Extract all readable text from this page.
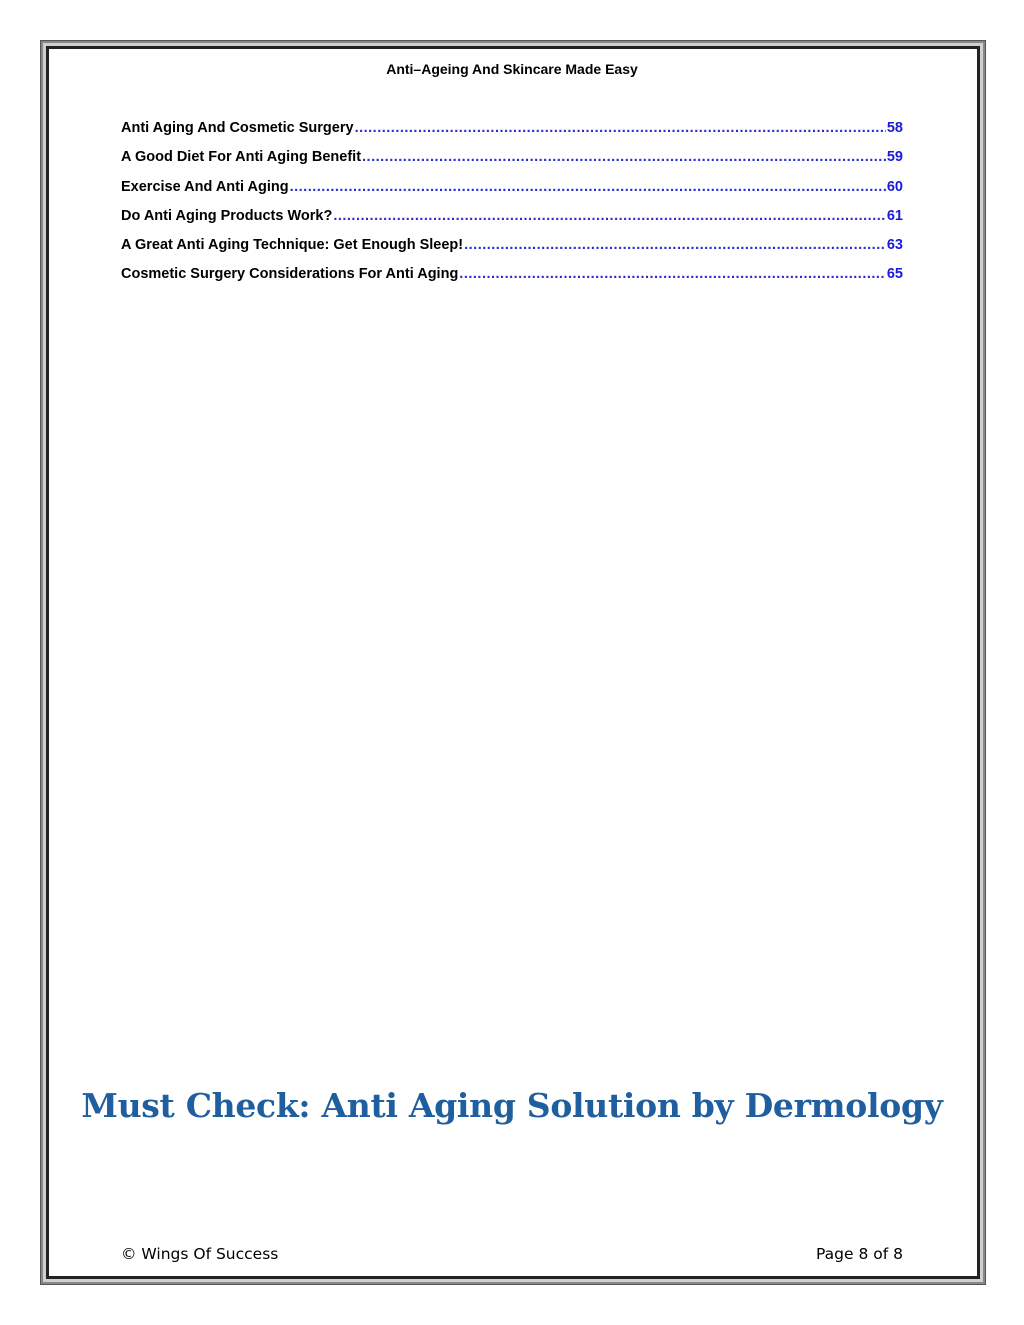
Anti–Ageing And Skincare Made Easy
Anti Aging And Cosmetic Surgery .....	58
A Good Diet For Anti Aging Benefit .....	59
Exercise And Anti Aging .....	60
Do Anti Aging Products Work? .....	61
A Great Anti Aging Technique: Get Enough Sleep! .....	63
Cosmetic Surgery Considerations For Anti Aging .....	65
Must Check: Anti Aging Solution by Dermology
© Wings Of Success	Page 8 of 8
